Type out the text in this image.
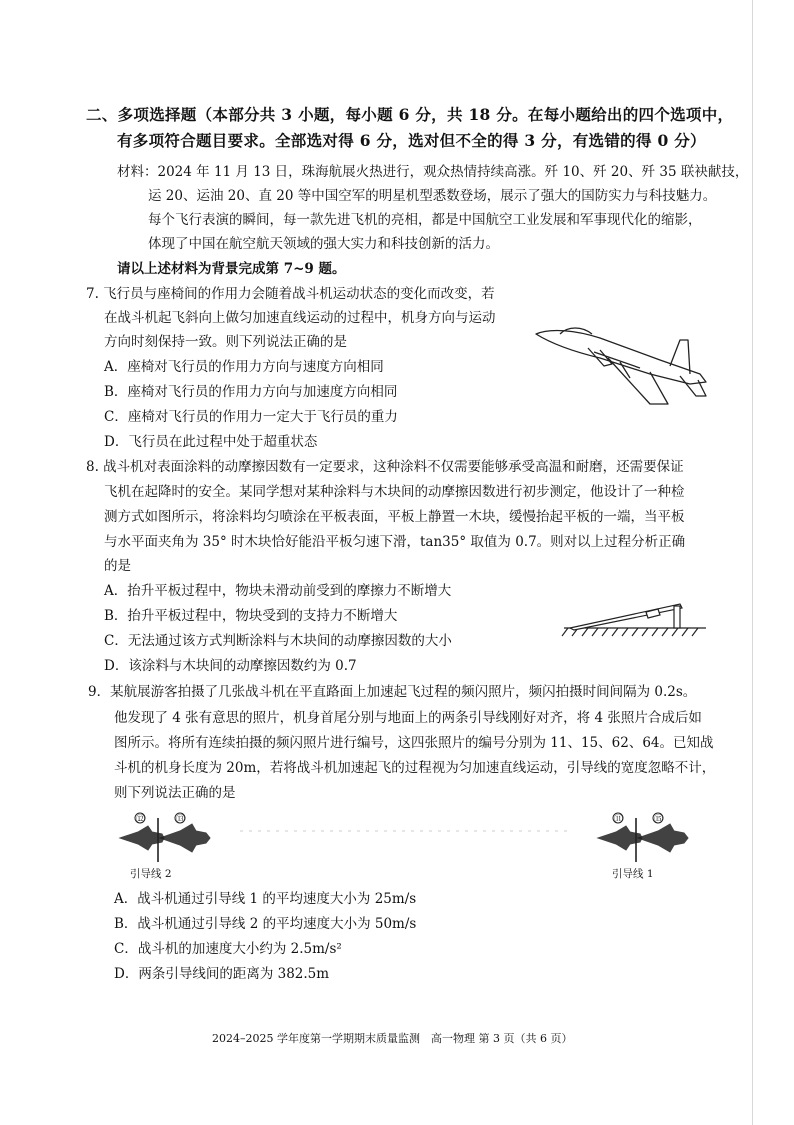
二、多项选择题（本部分共 3 小题，每小题 6 分，共 18 分。在每小题给出的四个选项中，
有多项符合题目要求。全部选对得 6 分，选对但不全的得 3 分，有选错的得 0 分）
材料：2024 年 11 月 13 日，珠海航展火热进行，观众热情持续高涨。歼 10、歼 20、歼 35 联袂献技，
运 20、运油 20、直 20 等中国空军的明星机型悉数登场，展示了强大的国防实力与科技魅力。
每个飞行表演的瞬间，每一款先进飞机的亮相，都是中国航空工业发展和军事现代化的缩影，
体现了中国在航空航天领域的强大实力和科技创新的活力。
请以上述材料为背景完成第 7~9 题。
7. 飞行员与座椅间的作用力会随着战斗机运动状态的变化而改变，若
在战斗机起飞斜向上做匀加速直线运动的过程中，机身方向与运动
方向时刻保持一致。则下列说法正确的是
A．座椅对飞行员的作用力方向与速度方向相同
B．座椅对飞行员的作用力方向与加速度方向相同
C．座椅对飞行员的作用力一定大于飞行员的重力
D．飞行员在此过程中处于超重状态
8. 战斗机对表面涂料的动摩擦因数有一定要求，这种涂料不仅需要能够承受高温和耐磨，还需要保证
飞机在起降时的安全。某同学想对某种涂料与木块间的动摩擦因数进行初步测定，他设计了一种检
测方式如图所示，将涂料均匀喷涂在平板表面，平板上静置一木块，缓慢抬起平板的一端，当平板
与水平面夹角为 35° 时木块恰好能沿平板匀速下滑，tan35° 取值为 0.7。则对以上过程分析正确
的是
A．抬升平板过程中，物块未滑动前受到的摩擦力不断增大
B．抬升平板过程中，物块受到的支持力不断增大
C．无法通过该方式判断涂料与木块间的动摩擦因数的大小
D．该涂料与木块间的动摩擦因数约为 0.7
9．某航展游客拍摄了几张战斗机在平直路面上加速起飞过程的频闪照片，频闪拍摄时间间隔为 0.2s。
他发现了 4 张有意思的照片，机身首尾分别与地面上的两条引导线刚好对齐，将 4 张照片合成后如
图所示。将所有连续拍摄的频闪照片进行编号，这四张照片的编号分别为 11、15、62、64。已知战
斗机的机身长度为 20m，若将战斗机加速起飞的过程视为匀加速直线运动，引导线的宽度忽略不计，
则下列说法正确的是
⑫	⑬
引导线 2
⑪	⑮
引导线 1
A．战斗机通过引导线 1 的平均速度大小为 25m/s
B．战斗机通过引导线 2 的平均速度大小为 50m/s
C．战斗机的加速度大小约为 2.5m/s²
D．两条引导线间的距离为 382.5m
2024–2025 学年度第一学期期末质量监测　高一物理 第 3 页（共 6 页）
